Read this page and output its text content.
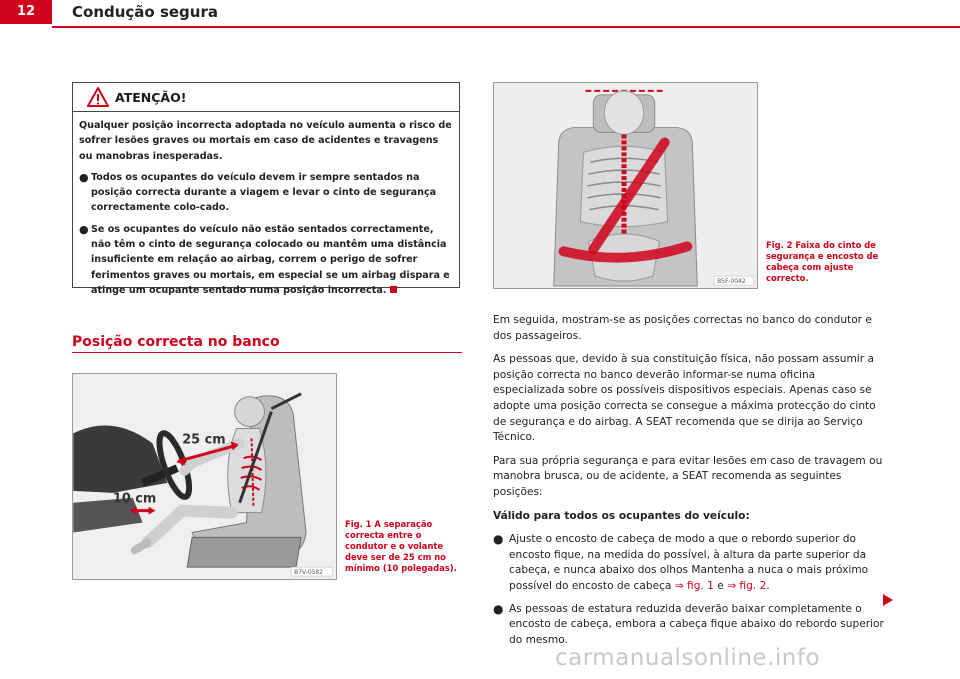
12	Condução segura
ATENÇÃO!

Qualquer posição incorrecta adoptada no veículo aumenta o risco de sofrer lesões graves ou mortais em caso de acidentes e travagens ou manobras inesperadas.

● Todos os ocupantes do veículo devem ir sempre sentados na posição correcta durante a viagem e levar o cinto de segurança correctamente colo-cado.
● Se os ocupantes do veículo não estão sentados correctamente, não têm o cinto de segurança colocado ou mantêm uma distância insuficiente em relação ao airbag, correm o perigo de sofrer ferimentos graves ou mortais, em especial se um airbag dispara e atinge um ocupante sentado numa posição incorrecta.
Posição correcta no banco
25 cm
10 cm
B7V-0582
Fig. 1 A separação correcta entre o condutor e o volante deve ser de 25 cm no mínimo (10 polegadas).
B5F-0042
Fig. 2 Faixa do cinto de segurança e encosto de cabeça com ajuste correcto.

Em seguida, mostram-se as posições correctas no banco do condutor e dos passageiros.

As pessoas que, devido à sua constituição física, não possam assumir a posição correcta no banco deverão informar-se numa oficina especializada sobre os possíveis dispositivos especiais. Apenas caso se adopte uma posição correcta se consegue a máxima protecção do cinto de segurança e do airbag. A SEAT recomenda que se dirija ao Serviço Técnico.

Para sua própria segurança e para evitar lesões em caso de travagem ou manobra brusca, ou de acidente, a SEAT recomenda as seguintes posições:

Válido para todos os ocupantes do veículo:

● Ajuste o encosto de cabeça de modo a que o rebordo superior do encosto fique, na medida do possível, à altura da parte superior da cabeça, e nunca abaixo dos olhos Mantenha a nuca o mais próximo possível do encosto de cabeça ⇒ fig. 1 e ⇒ fig. 2.
● As pessoas de estatura reduzida deverão baixar completamente o encosto de cabeça, embora a cabeça fique abaixo do rebordo superior do mesmo.
carmanualsonline.info
